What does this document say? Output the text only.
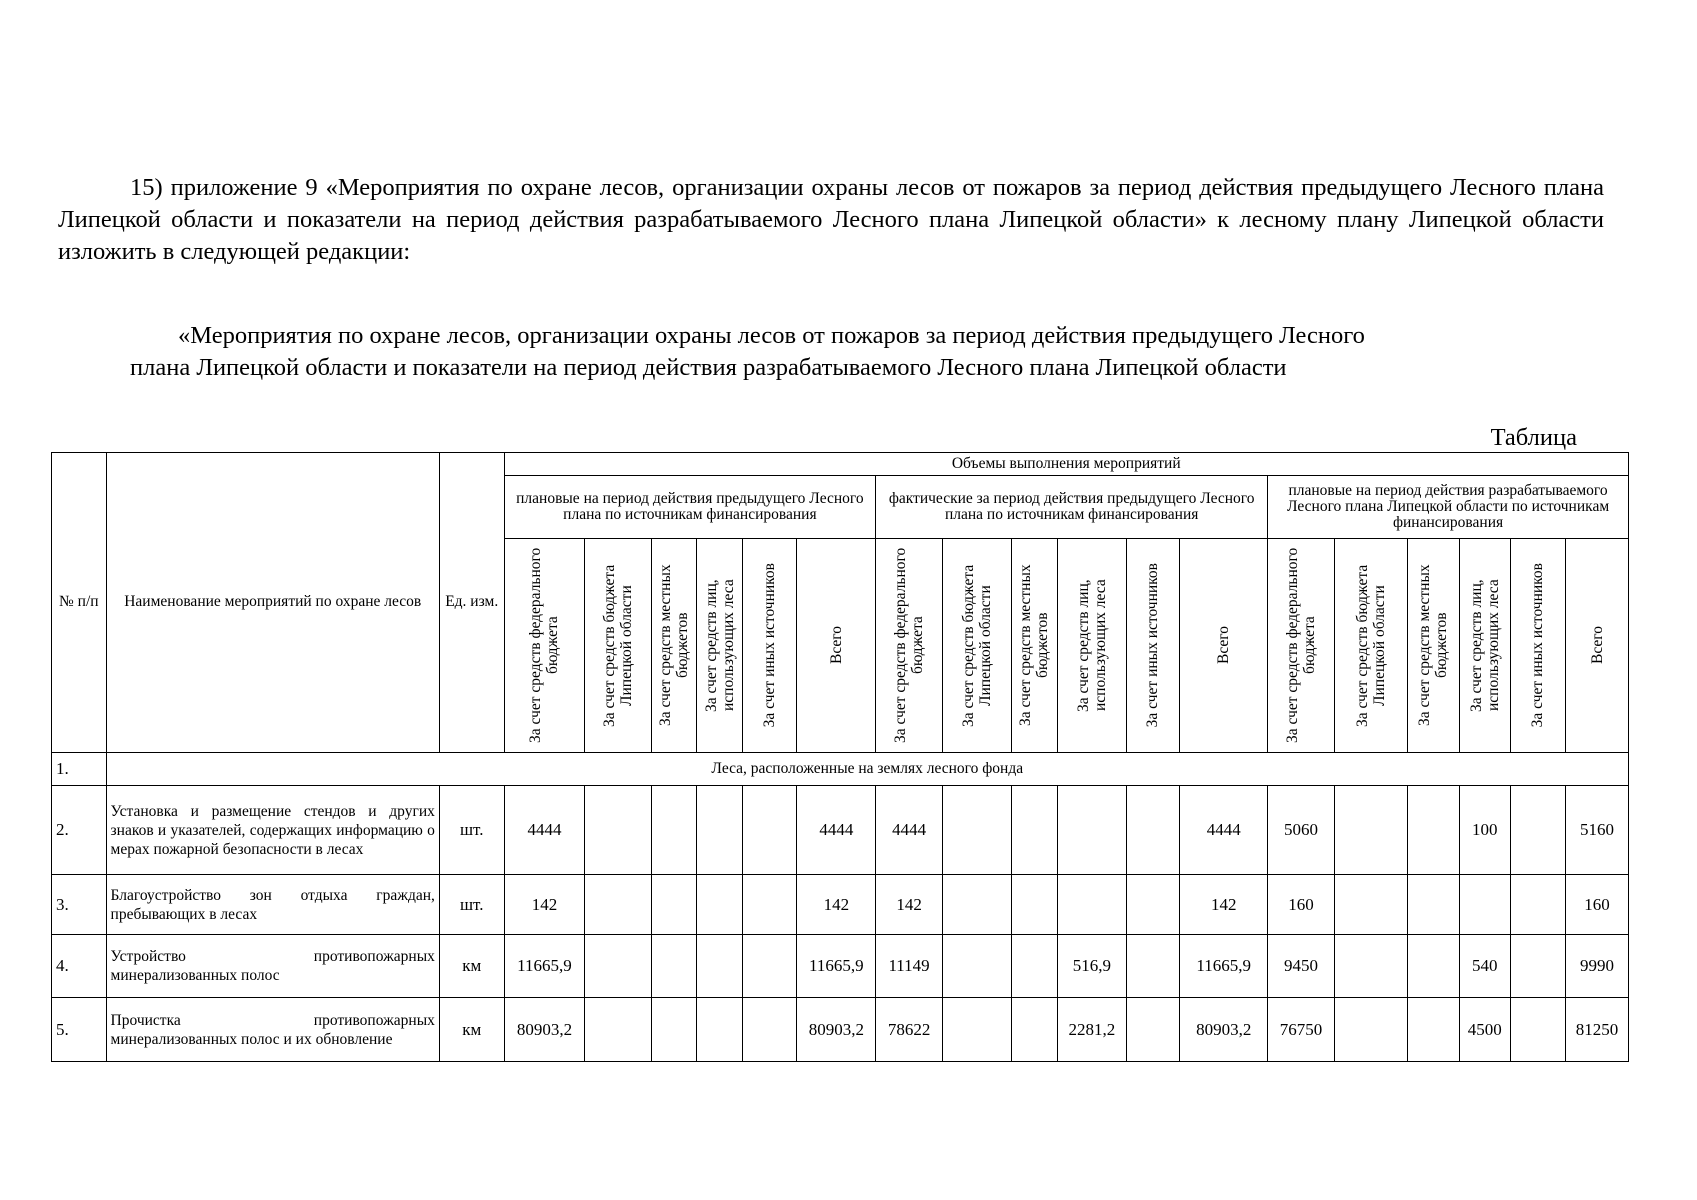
15) приложение 9 «Мероприятия по охране лесов, организации охраны лесов от пожаров за период действия предыдущего Лесного плана Липецкой области и показатели на период действия разрабатываемого Лесного плана Липецкой области» к лесному плану Липецкой области изложить в следующей редакции:

«Мероприятия по охране лесов, организации охраны лесов от пожаров за период действия предыдущего Лесного
плана Липецкой области и показатели на период действия разрабатываемого Лесного плана Липецкой области

Таблица

№ п/п	Наименование мероприятий по охране лесов	Ед. изм.	Объемы выполнения мероприятий																	
			плановые на период действия предыдущего Лесного плана по источникам финансирования						фактические за период действия предыдущего Лесного плана по источникам финансирования						плановые на период действия разрабатываемого Лесного плана Липецкой области по источникам финансирования					

			За счет средств федерального бюджета	За счет средств бюджета Липецкой области	За счет средств местных бюджетов	За счет средств лиц, использующих леса	За счет иных источников	Всего	За счет средств федерального бюджета	За счет средств бюджета Липецкой области	За счет средств местных бюджетов	За счет средств лиц, использующих леса	За счет иных источников	Всего	За счет средств федерального бюджета	За счет средств бюджета Липецкой области	За счет средств местных бюджетов	За счет средств лиц, использующих леса	За счет иных источников	Всего

1.	Леса, расположенные на землях лесного фонда																			
2.	Установка и размещение стендов и других знаков и указателей, содержащих информацию о мерах пожарной безопасности в лесах	шт.	4444					4444	4444					4444	5060			100		5160
3.	Благоустройство зон отдыха граждан, пребывающих в лесах	шт.	142					142	142					142	160					160
4.	Устройство противопожарных минерализованных полос	км	11665,9					11665,9	11149			516,9		11665,9	9450			540		9990
5.	Прочистка противопожарных минерализованных полос и их обновление	км	80903,2					80903,2	78622			2281,2		80903,2	76750			4500		81250
